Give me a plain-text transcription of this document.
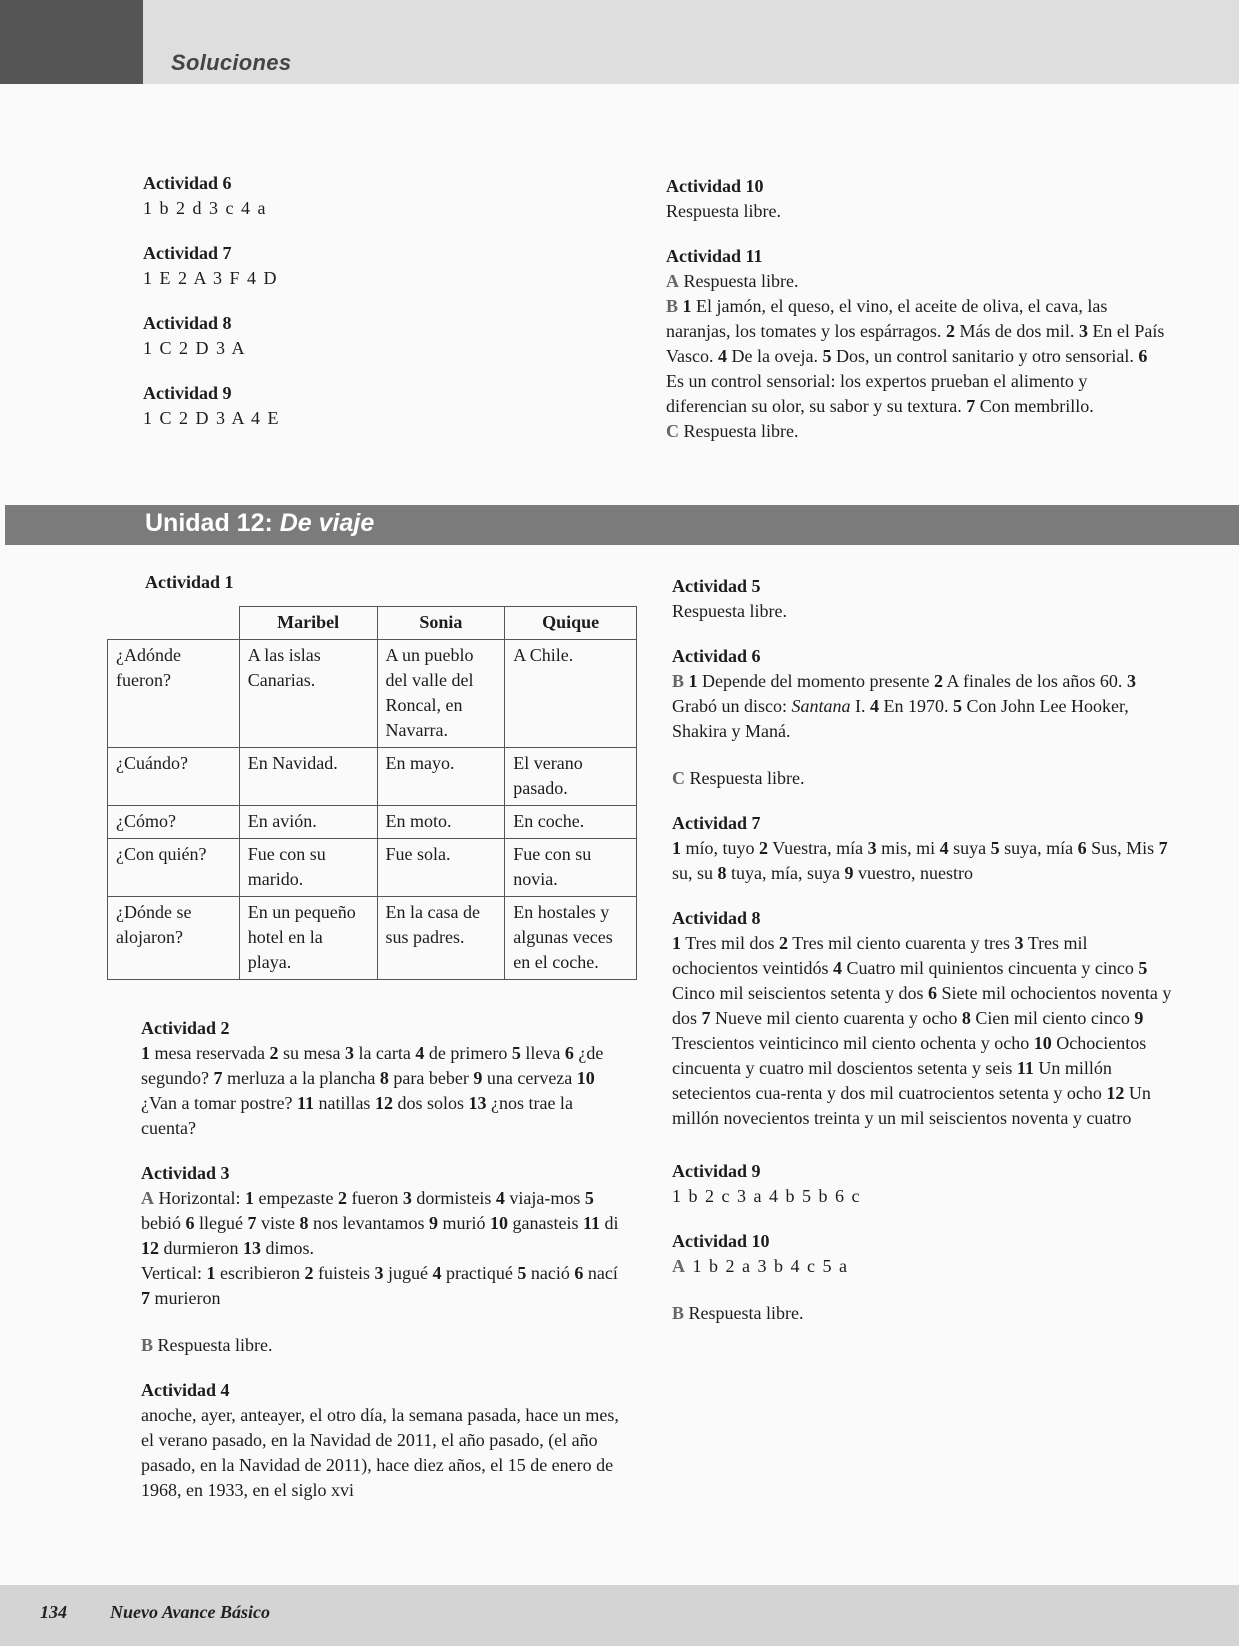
Soluciones
Actividad 6
1 b 2 d 3 c 4 a
Actividad 7
1 E 2 A 3 F 4 D
Actividad 8
1 C 2 D 3 A
Actividad 9
1 C 2 D 3 A 4 E
Actividad 10
Respuesta libre.
Actividad 11
A Respuesta libre.
B 1 El jamón, el queso, el vino, el aceite de oliva, el cava, las naranjas, los tomates y los espárragos. 2 Más de dos mil. 3 En el País Vasco. 4 De la oveja. 5 Dos, un control sanitario y otro sensorial. 6 Es un control sensorial: los expertos prueban el alimento y diferencian su olor, su sabor y su textura. 7 Con membrillo.
C Respuesta libre.
Unidad 12: De viaje
Actividad 1
	Maribel	Sonia	Quique
¿Adónde fueron?	A las islas Canarias.	A un pueblo del valle del Roncal, en Navarra.	A Chile.
¿Cuándo?	En Navidad.	En mayo.	El verano pasado.
¿Cómo?	En avión.	En moto.	En coche.
¿Con quién?	Fue con su marido.	Fue sola.	Fue con su novia.
¿Dónde se alojaron?	En un pequeño hotel en la playa.	En la casa de sus padres.	En hostales y algunas veces en el coche.
Actividad 2
1 mesa reservada 2 su mesa 3 la carta 4 de primero 5 lleva 6 ¿de segundo? 7 merluza a la plancha 8 para beber 9 una cerveza 10 ¿Van a tomar postre? 11 natillas 12 dos solos 13 ¿nos trae la cuenta?
Actividad 3
A Horizontal: 1 empezaste 2 fueron 3 dormisteis 4 viaja-mos 5 bebió 6 llegué 7 viste 8 nos levantamos 9 murió 10 ganasteis 11 di 12 durmieron 13 dimos.
Vertical: 1 escribieron 2 fuisteis 3 jugué 4 practiqué 5 nació 6 nací 7 murieron
B Respuesta libre.
Actividad 4
anoche, ayer, anteayer, el otro día, la semana pasada, hace un mes, el verano pasado, en la Navidad de 2011, el año pasado, (el año pasado, en la Navidad de 2011), hace diez años, el 15 de enero de 1968, en 1933, en el siglo xvi
Actividad 5
Respuesta libre.
Actividad 6
B 1 Depende del momento presente 2 A finales de los años 60. 3 Grabó un disco: Santana I. 4 En 1970. 5 Con John Lee Hooker, Shakira y Maná.
C Respuesta libre.
Actividad 7
1 mío, tuyo 2 Vuestra, mía 3 mis, mi 4 suya 5 suya, mía 6 Sus, Mis 7 su, su 8 tuya, mía, suya 9 vuestro, nuestro
Actividad 8
1 Tres mil dos 2 Tres mil ciento cuarenta y tres 3 Tres mil ochocientos veintidós 4 Cuatro mil quinientos cincuenta y cinco 5 Cinco mil seiscientos setenta y dos 6 Siete mil ochocientos noventa y dos 7 Nueve mil ciento cuarenta y ocho 8 Cien mil ciento cinco 9 Trescientos veinticinco mil ciento ochenta y ocho 10 Ochocientos cincuenta y cuatro mil doscientos setenta y seis 11 Un millón setecientos cua-renta y dos mil cuatrocientos setenta y ocho 12 Un millón novecientos treinta y un mil seiscientos noventa y cuatro
Actividad 9
1 b 2 c 3 a 4 b 5 b 6 c
Actividad 10
A 1 b 2 a 3 b 4 c 5 a
B Respuesta libre.
134 Nuevo Avance Básico
